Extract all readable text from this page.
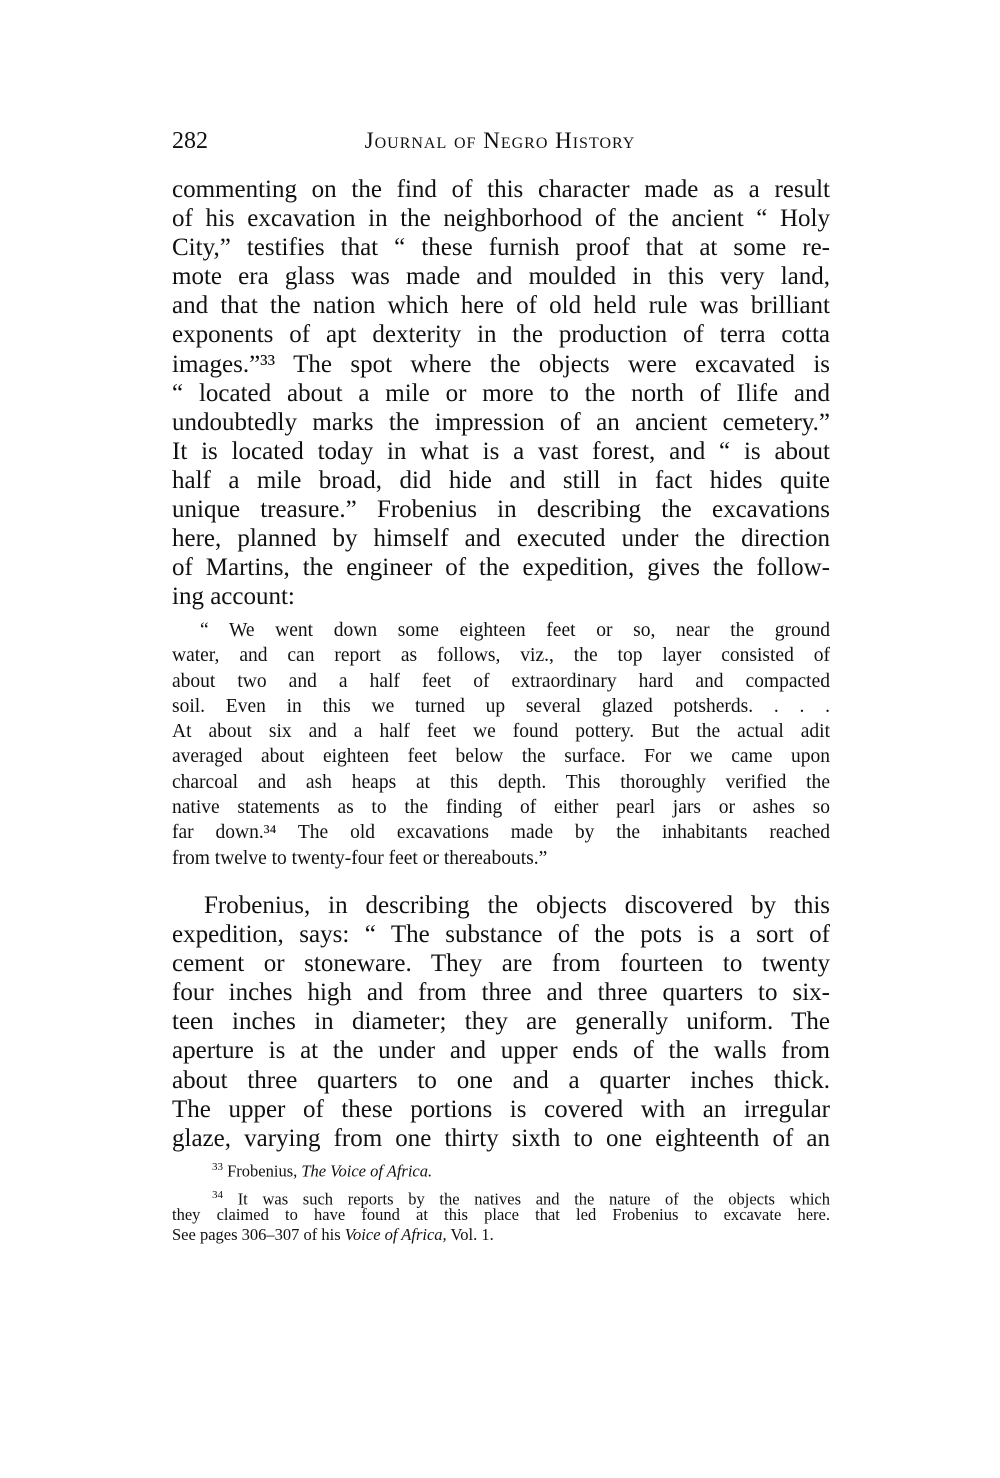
282	Journal of Negro History
commenting on the find of this character made as a result
of his excavation in the neighborhood of the ancient “ Holy
City,” testifies that “ these furnish proof that at some re-
mote era glass was made and moulded in this very land,
and that the nation which here of old held rule was brilliant
exponents of apt dexterity in the production of terra cotta
images.”³³ The spot where the objects were excavated is
“ located about a mile or more to the north of Ilife and
undoubtedly marks the impression of an ancient cemetery.”
It is located today in what is a vast forest, and “ is about
half a mile broad, did hide and still in fact hides quite
unique treasure.” Frobenius in describing the excavations
here, planned by himself and executed under the direction
of Martins, the engineer of the expedition, gives the follow-
ing account:
“ We went down some eighteen feet or so, near the ground
water, and can report as follows, viz., the top layer consisted of
about two and a half feet of extraordinary hard and compacted
soil. Even in this we turned up several glazed potsherds. . . .
At about six and a half feet we found pottery. But the actual adit
averaged about eighteen feet below the surface. For we came upon
charcoal and ash heaps at this depth. This thoroughly verified the
native statements as to the finding of either pearl jars or ashes so
far down.³⁴ The old excavations made by the inhabitants reached
from twelve to twenty-four feet or thereabouts.”
Frobenius, in describing the objects discovered by this
expedition, says: “ The substance of the pots is a sort of
cement or stoneware. They are from fourteen to twenty
four inches high and from three and three quarters to six-
teen inches in diameter; they are generally uniform. The
aperture is at the under and upper ends of the walls from
about three quarters to one and a quarter inches thick.
The upper of these portions is covered with an irregular
glaze, varying from one thirty sixth to one eighteenth of an
$^{33}$ Frobenius, The Voice of Africa.
$^{34}$ It was such reports by the natives and the nature of the objects which
they claimed to have found at this place that led Frobenius to excavate here.
See pages 306–307 of his Voice of Africa, Vol. 1.
